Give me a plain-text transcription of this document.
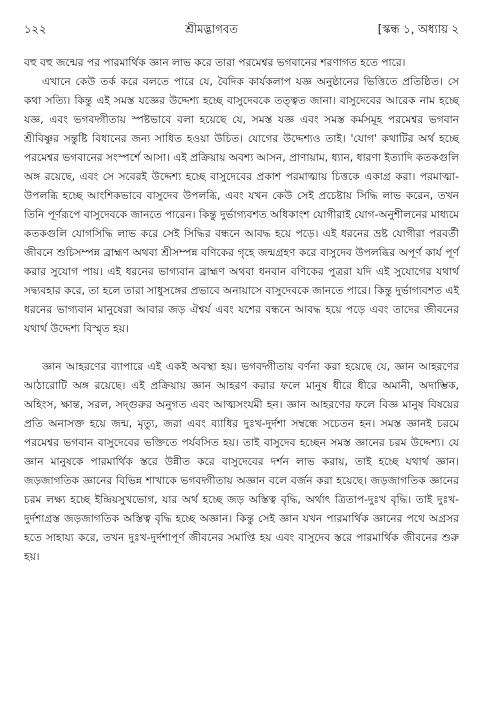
১২২	শ্রীমদ্ভাগবত	[স্কন্ধ ১, অধ্যায় ২

বহু বহু জন্মের পর পারমার্থিক জ্ঞান লাভ করে তারা পরমেশ্বর ভগবানের শরণাগত হতে পারে।

এখানে কেউ তর্ক করে বলতে পারে যে, বৈদিক কার্যকলাপ যজ্ঞ অনুষ্ঠানের ভিত্তিতে প্রতিষ্ঠিত। সে কথা সত্যি। কিন্তু এই সমস্ত যজ্ঞের উদ্দেশ্য হচ্ছে বাসুদেবকে তত্ত্বত জানা। বাসুদেবের আরেক নাম হচ্ছে যজ্ঞ, এবং ভগবদ্গীতায় স্পষ্টভাবে বলা হয়েছে যে, সমস্ত যজ্ঞ এবং সমস্ত কর্মসমূহ পরমেশ্বর ভগবান শ্রীবিষ্ণুর সন্তুষ্টি বিধানের জন্য সাধিত হওয়া উচিত। যোগের উদ্দেশ্যও তাই। 'যোগ' কথাটির অর্থ হচ্ছে পরমেশ্বর ভগবানের সংস্পর্শে আসা। এই প্রক্রিয়ায় অবশ্য আসন, প্রাণায়াম, ধ্যান, ধারণা ইত্যাদি কতকগুলি অঙ্গ রয়েছে, এবং সে সবেরই উদ্দেশ্য হচ্ছে বাসুদেবের প্রকাশ পরমাত্মায় চিত্তকে একাগ্র করা। পরমাত্মা-উপলব্ধি হচ্ছে আংশিকভাবে বাসুদেব উপলব্ধি, এবং যখন কেউ সেই প্রচেষ্টায় সিদ্ধি লাভ করেন, তখন তিনি পূর্ণরূপে বাসুদেবকে জানতে পারেন। কিন্তু দুর্ভাগ্যবশত অধিকাংশ যোগীরাই যোগ-অনুশীলনের মাধ্যমে কতকগুলি যোগসিদ্ধি লাভ করে সেই সিদ্ধির বন্ধনে আবদ্ধ হয়ে পড়ে। এই ধরনের ভ্রষ্ট যোগীরা পরবর্তী জীবনে শুচিসম্পন্ন ব্রাহ্মণ অথবা শ্রীসম্পন্ন বণিকের গৃহে জন্মগ্রহণ করে বাসুদেব উপলব্ধির অপূর্ণ কার্য পূর্ণ করার সুযোগ পায়। এই ধরনের ভাগ্যবান ব্রাহ্মণ অথবা ধনবান বণিকের পুত্ররা যদি এই সুযোগের যথার্থ সদ্ব্যবহার করে, তা হলে তারা সাধুসঙ্গের প্রভাবে অনায়াসে বাসুদেবকে জানতে পারে। কিন্তু দুর্ভাগ্যবশত এই ধরনের ভাগ্যবান মানুষেরা আবার জড় ঐশ্বর্য এবং যশের বন্ধনে আবদ্ধ হয়ে পড়ে এবং তাদের জীবনের যথার্থ উদ্দেশ্য বিস্মৃত হয়।

জ্ঞান আহরণের ব্যাপারে এই একই অবস্থা হয়। ভগবদ্গীতায় বর্ণনা করা হয়েছে যে, জ্ঞান আহরণের আঠারোটি অঙ্গ রয়েছে। এই প্রক্রিয়ায় জ্ঞান আহরণ করার ফলে মানুষ ধীরে ধীরে অমানী, অদাম্ভিক, অহিংস, ক্ষান্ত, সরল, সদ্গুরুর অনুগত এবং আত্মসংযমী হন। জ্ঞান আহরণের ফলে বিজ্ঞ মানুষ বিষয়ের প্রতি অনাসক্ত হয়ে জন্ম, মৃত্যু, জরা এবং ব্যাধির দুঃখ-দুর্দশা সম্বন্ধে সচেতন হন। সমস্ত জ্ঞানই চরমে পরমেশ্বর ভগবান বাসুদেবের ভক্তিতে পর্যবসিত হয়। তাই বাসুদেব হচ্ছেন সমস্ত জ্ঞানের চরম উদ্দেশ্য। যে জ্ঞান মানুষকে পারমার্থিক স্তরে উন্নীত করে বাসুদেবের দর্শন লাভ করায়, তাই হচ্ছে যথার্থ জ্ঞান। জড়জাগতিক জ্ঞানের বিভিন্ন শাখাকে ভগবদ্গীতায় অজ্ঞান বলে বর্জন করা হয়েছে। জড়জাগতিক জ্ঞানের চরম লক্ষ্য হচ্ছে ইন্দ্রিয়সুখভোগ, যার অর্থ হচ্ছে জড় অস্তিত্ব বৃদ্ধি, অর্থাৎ ত্রিতাপ-দুঃখ বৃদ্ধি। তাই দুঃখ-দুর্দশাগ্রস্ত জড়জাগতিক অস্তিত্ব বৃদ্ধি হচ্ছে অজ্ঞান। কিন্তু সেই জ্ঞান যখন পারমার্থিক জ্ঞানের পথে অগ্রসর হতে সাহায্য করে, তখন দুঃখ-দুর্দশাপূর্ণ জীবনের সমাপ্তি হয় এবং বাসুদেব স্তরে পারমার্থিক জীবনের শুরু হয়।
